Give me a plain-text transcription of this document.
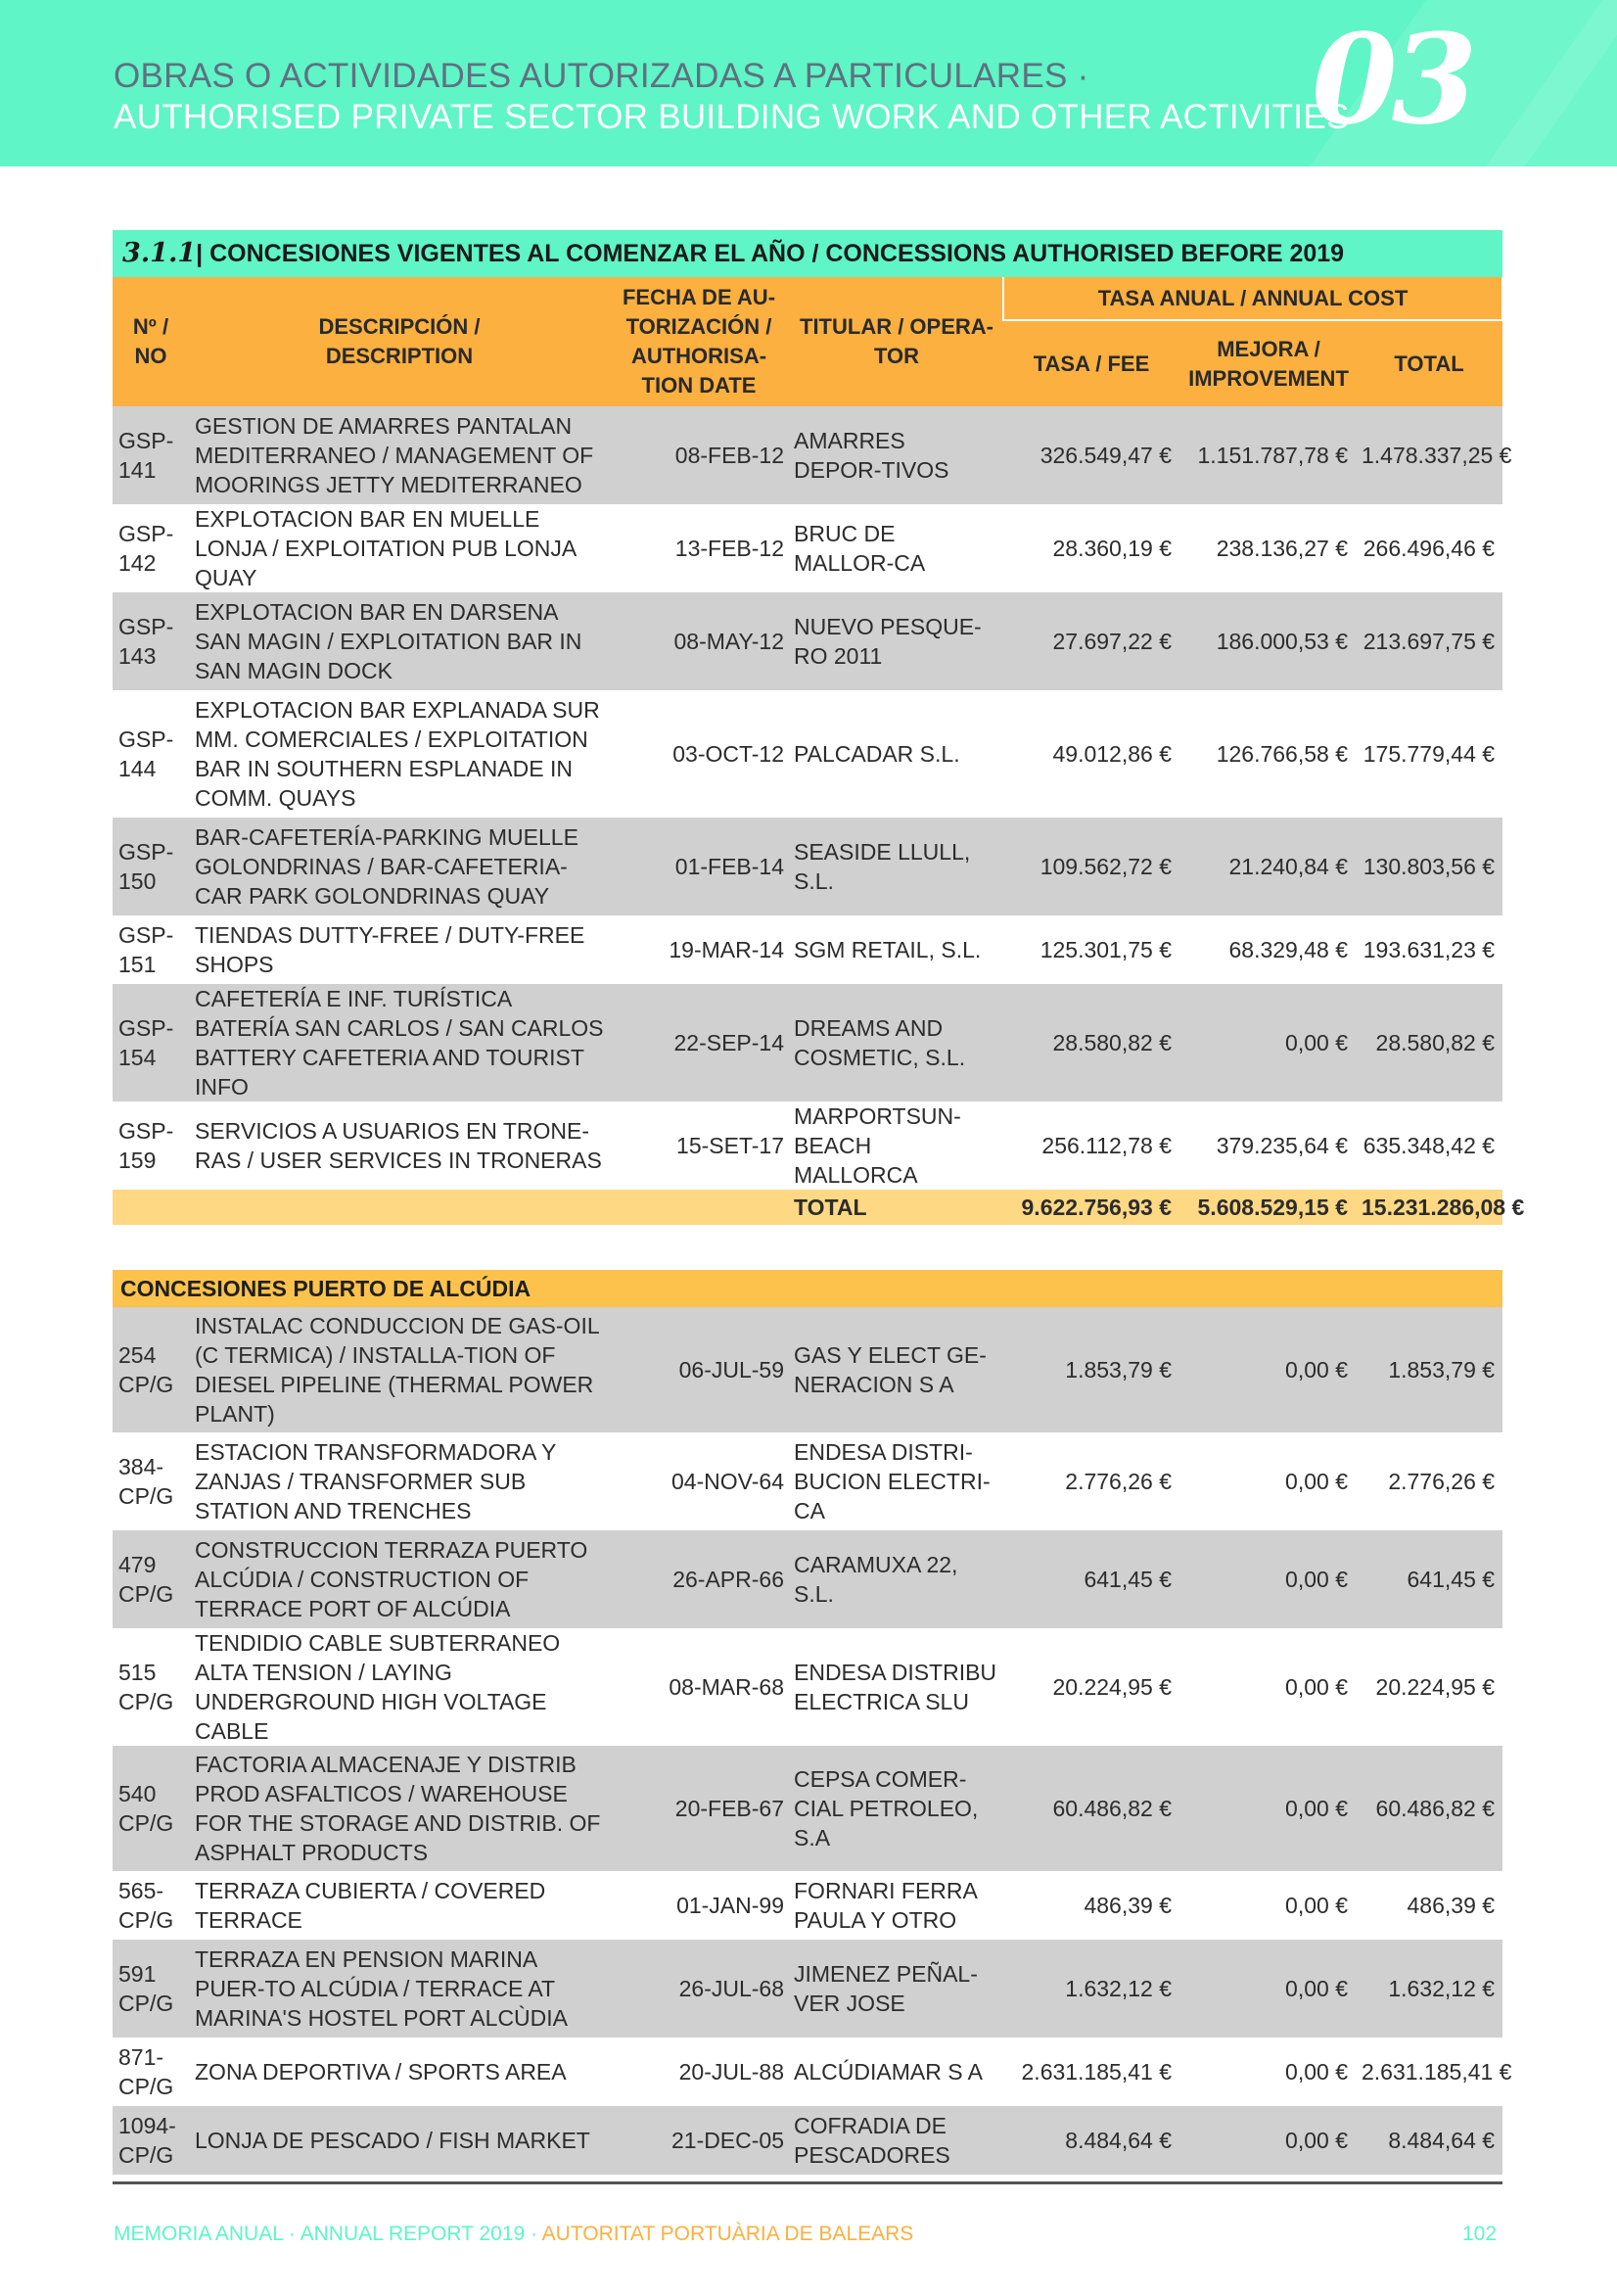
OBRAS O ACTIVIDADES AUTORIZADAS A PARTICULARES ·
AUTHORISED PRIVATE SECTOR BUILDING WORK AND OTHER ACTIVITIES
03
3.1.1| CONCESIONES VIGENTES AL COMENZAR EL AÑO / CONCESSIONS AUTHORISED BEFORE 2019						

Nº / NO	DESCRIPCIÓN / DESCRIPTION	FECHA DE AU-TORIZACIÓN / AUTHORISA-TION DATE	TITULAR / OPERA-TOR	TASA ANUAL / ANNUAL COST		
				TASA / FEE	MEJORA / IMPROVEMENT	TOTAL
GSP-141	GESTION DE AMARRES PANTALAN MEDITERRANEO / MANAGEMENT OF MOORINGS JETTY MEDITERRANEO	08-FEB-12	AMARRES DEPOR-TIVOS	326.549,47 €	1.151.787,78 €	1.478.337,25 €
GSP-142	EXPLOTACION BAR EN MUELLE LONJA / EXPLOITATION PUB LONJA QUAY	13-FEB-12	BRUC DE MALLOR-CA	28.360,19 €	238.136,27 €	266.496,46 €
GSP-143	EXPLOTACION BAR EN DARSENA SAN MAGIN / EXPLOITATION BAR IN SAN MAGIN DOCK	08-MAY-12	NUEVO PESQUE-RO 2011	27.697,22 €	186.000,53 €	213.697,75 €
GSP-144	EXPLOTACION BAR EXPLANADA SUR MM. COMERCIALES / EXPLOITATION BAR IN SOUTHERN ESPLANADE IN COMM. QUAYS	03-OCT-12	PALCADAR S.L.	49.012,86 €	126.766,58 €	175.779,44 €
GSP-150	BAR-CAFETERÍA-PARKING MUELLE GOLONDRINAS / BAR-CAFETERIA-CAR PARK GOLONDRINAS QUAY	01-FEB-14	SEASIDE LLULL, S.L.	109.562,72 €	21.240,84 €	130.803,56 €
GSP-151	TIENDAS DUTTY-FREE / DUTY-FREE SHOPS	19-MAR-14	SGM RETAIL, S.L.	125.301,75 €	68.329,48 €	193.631,23 €
GSP-154	CAFETERÍA E INF. TURÍSTICA BATERÍA SAN CARLOS / SAN CARLOS BATTERY CAFETERIA AND TOURIST INFO	22-SEP-14	DREAMS AND COSMETIC, S.L.	28.580,82 €	0,00 €	28.580,82 €
GSP-159	SERVICIOS A USUARIOS EN TRONE-RAS / USER SERVICES IN TRONERAS	15-SET-17	MARPORTSUN-BEACH MALLORCA	256.112,78 €	379.235,64 €	635.348,42 €
			TOTAL	9.622.756,93 €	5.608.529,15 €	15.231.286,08 €

CONCESIONES PUERTO DE ALCÚDIA						
254 CP/G	INSTALAC CONDUCCION DE GAS-OIL (C TERMICA) / INSTALLA-TION OF DIESEL PIPELINE (THERMAL POWER PLANT)	06-JUL-59	GAS Y ELECT GE-NERACION S A	1.853,79 €	0,00 €	1.853,79 €
384-CP/G	ESTACION TRANSFORMADORA Y ZANJAS / TRANSFORMER SUB STATION AND TRENCHES	04-NOV-64	ENDESA DISTRI-BUCION ELECTRI-CA	2.776,26 €	0,00 €	2.776,26 €
479 CP/G	CONSTRUCCION TERRAZA PUERTO ALCÚDIA / CONSTRUCTION OF TERRACE PORT OF ALCÚDIA	26-APR-66	CARAMUXA 22, S.L.	641,45 €	0,00 €	641,45 €
515 CP/G	TENDIDIO CABLE SUBTERRANEO ALTA TENSION / LAYING UNDERGROUND HIGH VOLTAGE CABLE	08-MAR-68	ENDESA DISTRIBU ELECTRICA SLU	20.224,95 €	0,00 €	20.224,95 €
540 CP/G	FACTORIA ALMACENAJE Y DISTRIB PROD ASFALTICOS / WAREHOUSE FOR THE STORAGE AND DISTRIB. OF ASPHALT PRODUCTS	20-FEB-67	CEPSA COMER-CIAL PETROLEO, S.A	60.486,82 €	0,00 €	60.486,82 €
565-CP/G	TERRAZA CUBIERTA / COVERED TERRACE	01-JAN-99	FORNARI FERRA PAULA Y OTRO	486,39 €	0,00 €	486,39 €
591 CP/G	TERRAZA EN PENSION MARINA PUER-TO ALCÚDIA / TERRACE AT MARINA'S HOSTEL PORT ALCÙDIA	26-JUL-68	JIMENEZ PEÑAL-VER JOSE	1.632,12 €	0,00 €	1.632,12 €
871-CP/G	ZONA DEPORTIVA / SPORTS AREA	20-JUL-88	ALCÚDIAMAR S A	2.631.185,41 €	0,00 €	2.631.185,41 €
1094-CP/G	LONJA DE PESCADO / FISH MARKET	21-DEC-05	COFRADIA DE PESCADORES	8.484,64 €	0,00 €	8.484,64 €
MEMORIA ANUAL · ANNUAL REPORT 2019 · AUTORITAT PORTUÀRIA DE BALEARS	102
